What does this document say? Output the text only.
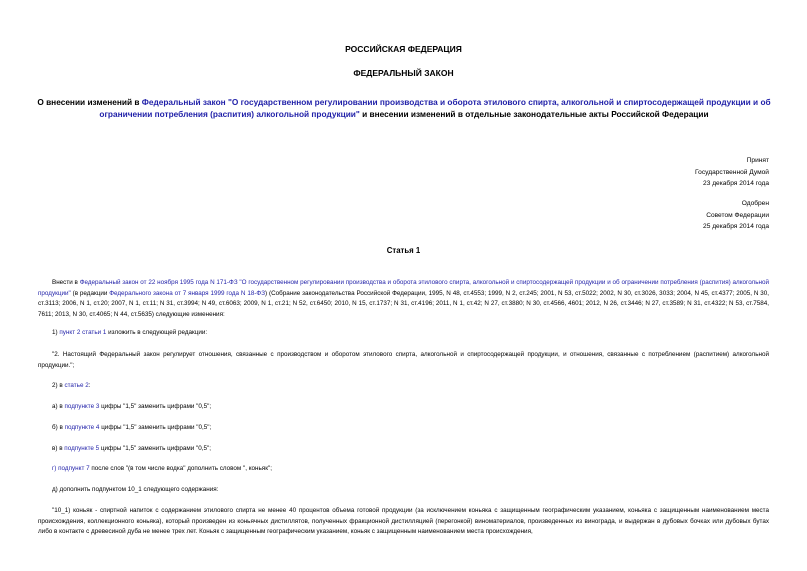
РОССИЙСКАЯ ФЕДЕРАЦИЯ
ФЕДЕРАЛЬНЫЙ ЗАКОН
О внесении изменений в Федеральный закон "О государственном регулировании производства и оборота этилового спирта, алкогольной и спиртосодержащей продукции и об ограничении потребления (распития) алкогольной продукции" и внесении изменений в отдельные законодательные акты Российской Федерации
Принят
Государственной Думой
23 декабря 2014 года
Одобрен
Советом Федерации
25 декабря 2014 года
Статья 1
Внести в Федеральный закон от 22 ноября 1995 года N 171-ФЗ "О государственном регулировании производства и оборота этилового спирта, алкогольной и спиртосодержащей продукции и об ограничении потребления (распития) алкогольной продукции" (в редакции Федерального закона от 7 января 1999 года N 18-ФЗ) (Собрание законодательства Российской Федерации, 1995, N 48, ст.4553; 1999, N 2, ст.245; 2001, N 53, ст.5022; 2002, N 30, ст.3026, 3033; 2004, N 45, ст.4377; 2005, N 30, ст.3113; 2006, N 1, ст.20; 2007, N 1, ст.11; N 31, ст.3994; N 49, ст.6063; 2009, N 1, ст.21; N 52, ст.6450; 2010, N 15, ст.1737; N 31, ст.4196; 2011, N 1, ст.42; N 27, ст.3880; N 30, ст.4566, 4601; 2012, N 26, ст.3446; N 27, ст.3589; N 31, ст.4322; N 53, ст.7584, 7611; 2013, N 30, ст.4065; N 44, ст.5635) следующие изменения:
1) пункт 2 статьи 1 изложить в следующей редакции:
"2. Настоящий Федеральный закон регулирует отношения, связанные с производством и оборотом этилового спирта, алкогольной и спиртосодержащей продукции, и отношения, связанные с потреблением (распитием) алкогольной продукции.";
2) в статье 2:
а) в подпункте 3 цифры "1,5" заменить цифрами "0,5";
б) в подпункте 4 цифры "1,5" заменить цифрами "0,5";
в) в подпункте 5 цифры "1,5" заменить цифрами "0,5";
г) подпункт 7 после слов "(в том числе водка" дополнить словом ", коньяк";
д) дополнить подпунктом 10_1 следующего содержания:
"10_1) коньяк - спиртной напиток с содержанием этилового спирта не менее 40 процентов объема готовой продукции (за исключением коньяка с защищенным географическим указанием, коньяка с защищенным наименованием места происхождения, коллекционного коньяка), который произведен из коньячных дистиллятов, полученных фракционной дистилляцией (перегонкой) виноматериалов, произведенных из винограда, и выдержан в дубовых бочках или дубовых бутах либо в контакте с древесиной дуба не менее трех лет. Коньяк с защищенным географическим указанием, коньяк с защищенным наименованием места происхождения,
